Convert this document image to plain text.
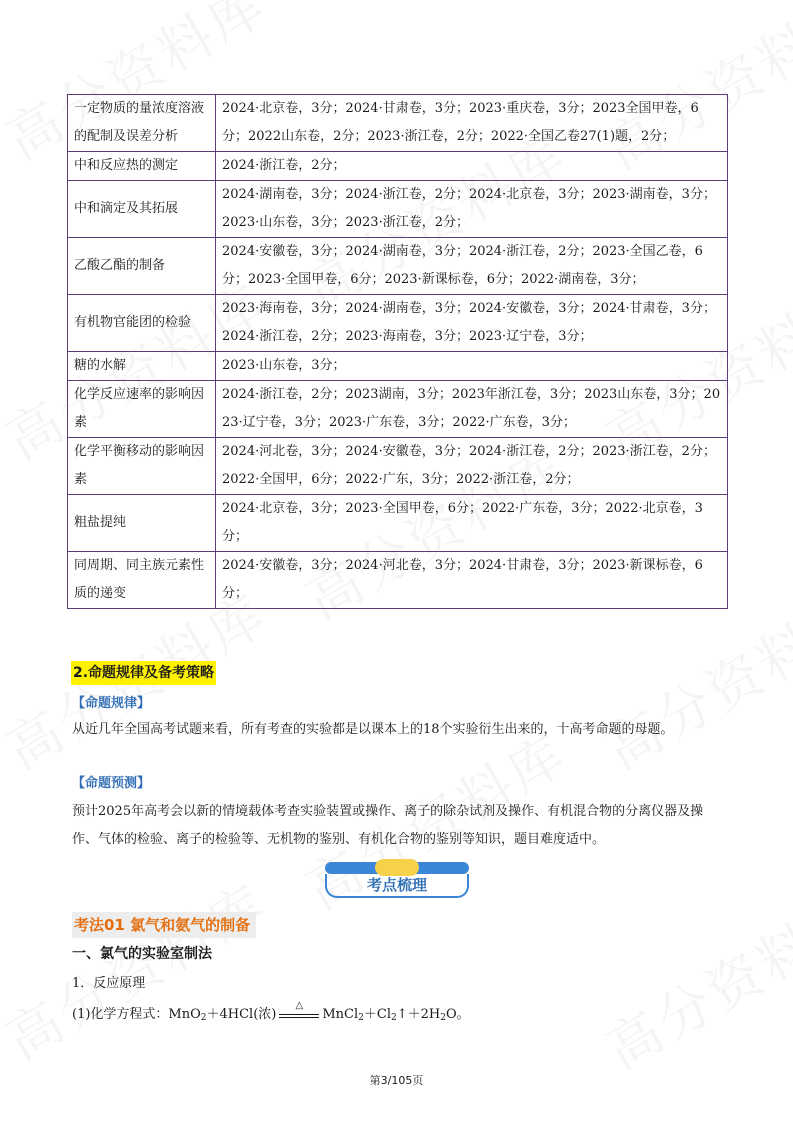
一定物质的量浓度溶液的配制及误差分析	2024·北京卷，3分；2024·甘肃卷，3分；2023·重庆卷，3分；2023全国甲卷，6分；2022山东卷，2分；2023·浙江卷，2分；2022·全国乙卷27(1)题，2分；

中和反应热的测定	2024·浙江卷，2分；

中和滴定及其拓展	2024·湖南卷，3分；2024·浙江卷，2分；2024·北京卷，3分；2023·湖南卷，3分；
2023·山东卷，3分；2023·浙江卷，2分；

乙酸乙酯的制备	2024·安徽卷，3分；2024·湖南卷，3分；2024·浙江卷，2分；2023·全国乙卷，6分；2023·全国甲卷，6分；2023·新课标卷，6分；2022·湖南卷，3分；

有机物官能团的检验	2023·海南卷，3分；2024·湖南卷，3分；2024·安徽卷，3分；2024·甘肃卷，3分；
2024·浙江卷，2分；2023·海南卷，3分；2023·辽宁卷，3分；

糖的水解	2023·山东卷，3分；

化学反应速率的影响因素	2024·浙江卷，2分；2023湖南，3分；2023年浙江卷，3分；2023山东卷，3分；2023·辽宁卷，3分；2023·广东卷，3分；2022·广东卷，3分；

化学平衡移动的影响因素	2024·河北卷，3分；2024·安徽卷，3分；2024·浙江卷，2分；2023·浙江卷，2分；2022·全国甲，6分；2022·广东，3分；2022·浙江卷，2分；

粗盐提纯	2024·北京卷，3分；2023·全国甲卷，6分；2022·广东卷，3分；2022·北京卷，3分；

同周期、同主族元素性质的递变	2024·安徽卷，3分；2024·河北卷，3分；2024·甘肃卷，3分；2023·新课标卷，6分；
2.命题规律及备考策略
【命题规律】
从近几年全国高考试题来看，所有考查的实验都是以课本上的18个实验衍生出来的，十高考命题的母题。
【命题预测】
预计2025年高考会以新的情境载体考查实验装置或操作、离子的除杂试剂及操作、有机混合物的分离仪器及操作、气体的检验、离子的检验等、无机物的鉴别、有机化合物的鉴别等知识，题目难度适中。
考点梳理
考法01 氯气和氨气的制备
一、氯气的实验室制法
1．反应原理
(1)化学方程式：MnO$_2$＋4HCl(浓)
△
$MnCl_2+Cl_2↑+2H_2O$。
第3/105页
